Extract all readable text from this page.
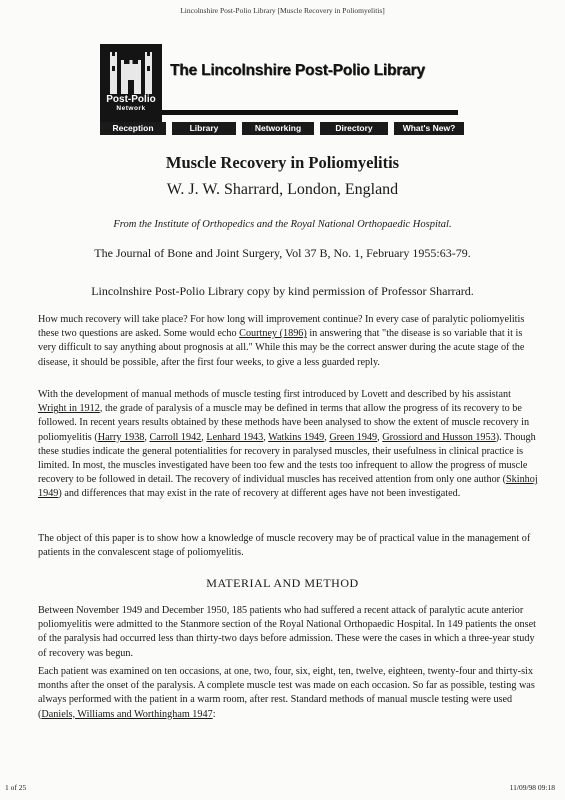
Lincolnshire Post-Polio Library [Muscle Recovery in Poliomyelitis]
Post-Polio
Network
The Lincolnshire Post-Polio Library
Reception	Library	Networking	Directory	What's New?
Muscle Recovery in Poliomyelitis
W. J. W. Sharrard, London, England
From the Institute of Orthopedics and the Royal National Orthopaedic Hospital.
The Journal of Bone and Joint Surgery, Vol 37 B, No. 1, February 1955:63-79.
Lincolnshire Post-Polio Library copy by kind permission of Professor Sharrard.

How much recovery will take place? For how long will improvement continue? In every case of paralytic poliomyelitis these two questions are asked. Some would echo Courtney (1896) in answering that "the disease is so variable that it is very difficult to say anything about prognosis at all." While this may be the correct answer during the acute stage of the disease, it should be possible, after the first four weeks, to give a less guarded reply.

With the development of manual methods of muscle testing first introduced by Lovett and described by his assistant Wright in 1912, the grade of paralysis of a muscle may be defined in terms that allow the progress of its recovery to be followed. In recent years results obtained by these methods have been analysed to show the extent of muscle recovery in poliomyelitis (Harry 1938, Carroll 1942, Lenhard 1943, Watkins 1949, Green 1949, Grossiord and Husson 1953). Though these studies indicate the general potentialities for recovery in paralysed muscles, their usefulness in clinical practice is limited. In most, the muscles investigated have been too few and the tests too infrequent to allow the progress of muscle recovery to be followed in detail. The recovery of individual muscles has received attention from only one author (Skinhoj 1949) and differences that may exist in the rate of recovery at different ages have not been investigated.

The object of this paper is to show how a knowledge of muscle recovery may be of practical value in the management of patients in the convalescent stage of poliomyelitis.

MATERIAL AND METHOD

Between November 1949 and December 1950, 185 patients who had suffered a recent attack of paralytic acute anterior poliomyelitis were admitted to the Stanmore section of the Royal National Orthopaedic Hospital. In 149 patients the onset of the paralysis had occurred less than thirty-two days before admission. These were the cases in which a three-year study of recovery was begun.

Each patient was examined on ten occasions, at one, two, four, six, eight, ten, twelve, eighteen, twenty-four and thirty-six months after the onset of the paralysis. A complete muscle test was made on each occasion. So far as possible, testing was always performed with the patient in a warm room, after rest. Standard methods of manual muscle testing were used (Daniels, Williams and Worthingham 1947:

1 of 25	11/09/98 09:18
